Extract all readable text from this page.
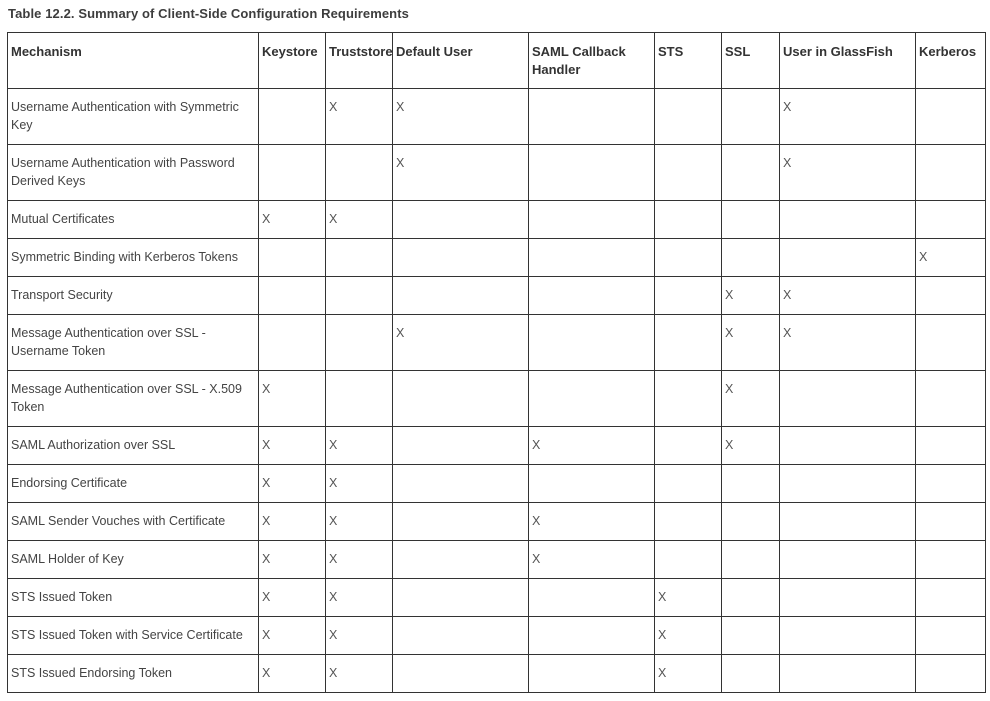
Table 12.2. Summary of Client-Side Configuration Requirements
Mechanism	Keystore	Truststore	Default User	SAML Callback Handler	STS	SSL	User in GlassFish	Kerberos
Username Authentication with Symmetric Key		X	X				X	
Username Authentication with Password Derived Keys			X				X	
Mutual Certificates	X	X						
Symmetric Binding with Kerberos Tokens								X
Transport Security						X	X	
Message Authentication over SSL - Username Token			X			X	X	
Message Authentication over SSL - X.509 Token	X					X		
SAML Authorization over SSL	X	X		X		X		
Endorsing Certificate	X	X						
SAML Sender Vouches with Certificate	X	X		X				
SAML Holder of Key	X	X		X				
STS Issued Token	X	X			X			
STS Issued Token with Service Certificate	X	X			X			
STS Issued Endorsing Token	X	X			X			
